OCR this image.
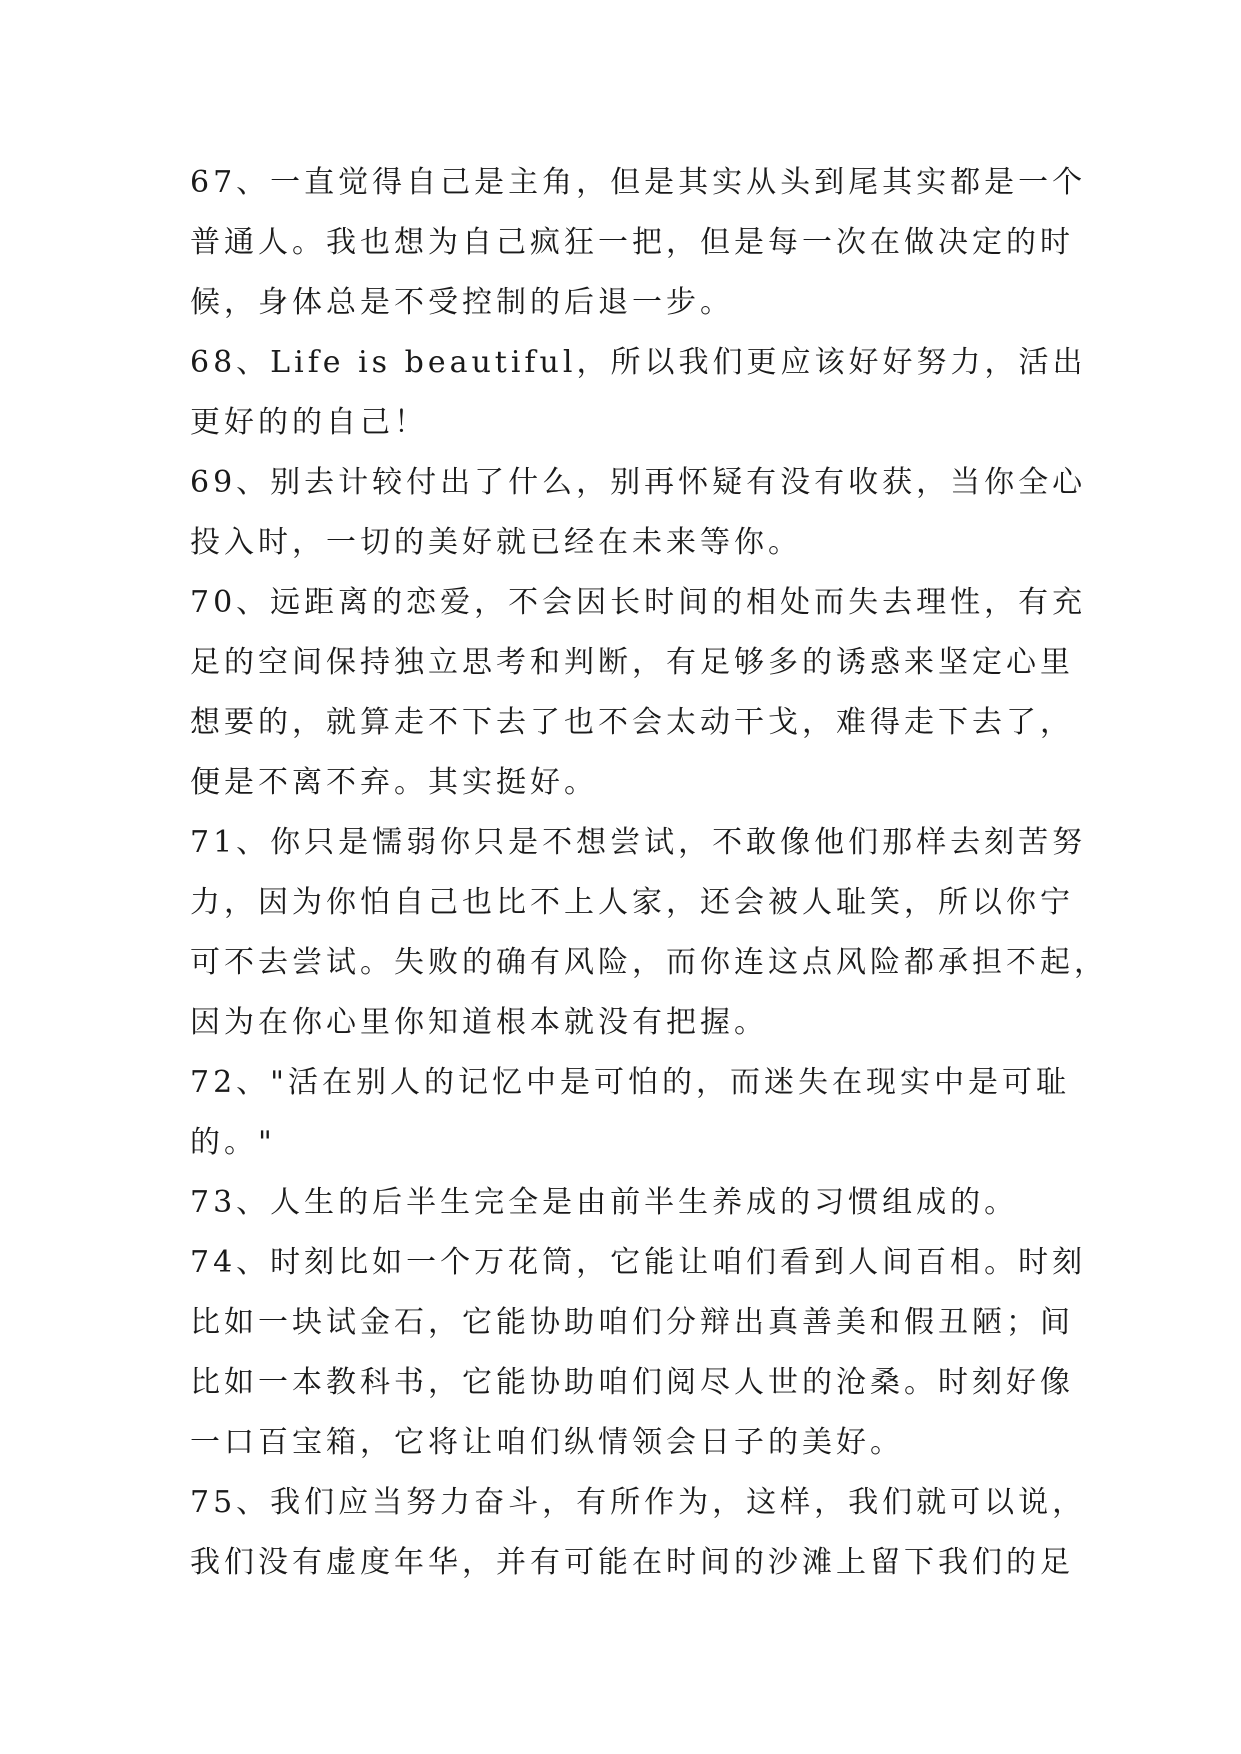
67、一直觉得自己是主角，但是其实从头到尾其实都是一个
普通人。我也想为自己疯狂一把，但是每一次在做决定的时
候，身体总是不受控制的后退一步。
68、Life is beautiful，所以我们更应该好好努力，活出
更好的的自己！
69、别去计较付出了什么，别再怀疑有没有收获，当你全心
投入时，一切的美好就已经在未来等你。
70、远距离的恋爱，不会因长时间的相处而失去理性，有充
足的空间保持独立思考和判断，有足够多的诱惑来坚定心里
想要的，就算走不下去了也不会太动干戈，难得走下去了，
便是不离不弃。其实挺好。
71、你只是懦弱你只是不想尝试，不敢像他们那样去刻苦努
力，因为你怕自己也比不上人家，还会被人耻笑，所以你宁
可不去尝试。失败的确有风险，而你连这点风险都承担不起，
因为在你心里你知道根本就没有把握。
72、"活在别人的记忆中是可怕的，而迷失在现实中是可耻
的。"
73、人生的后半生完全是由前半生养成的习惯组成的。
74、时刻比如一个万花筒，它能让咱们看到人间百相。时刻
比如一块试金石，它能协助咱们分辩出真善美和假丑陋；间
比如一本教科书，它能协助咱们阅尽人世的沧桑。时刻好像
一口百宝箱，它将让咱们纵情领会日子的美好。
75、我们应当努力奋斗，有所作为，这样，我们就可以说，
我们没有虚度年华，并有可能在时间的沙滩上留下我们的足
